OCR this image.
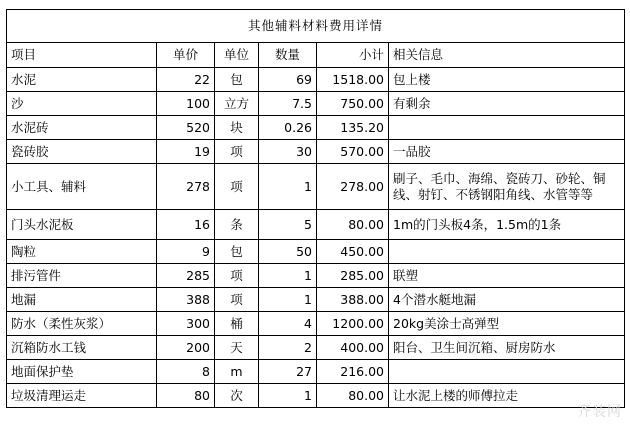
其他辅料材料费用详情					
项目	单价	单位	数量	小计	相关信息
水泥	22	包	69	1518.00	包上楼
沙	100	立方	7.5	750.00	有剩余
水泥砖	520	块	0.26	135.20	
瓷砖胶	19	项	30	570.00	一品胶
小工具、辅料	278	项	1	278.00	刷子、毛巾、海绵、瓷砖刀、砂轮、铜线、射钉、不锈钢阳角线、水管等等
门头水泥板	16	条	5	80.00	1m的门头板4条，1.5m的1条
陶粒	9	包	50	450.00	
排污管件	285	项	1	285.00	联塑
地漏	388	项	1	388.00	4个潜水艇地漏
防水（柔性灰浆）	300	桶	4	1200.00	20kg美涂士高弹型
沉箱防水工钱	200	天	2	400.00	阳台、卫生间沉箱、厨房防水
地面保护垫	8	m	27	216.00	
垃圾清理运走	80	次	1	80.00	让水泥上楼的师傅拉走
齐装网
